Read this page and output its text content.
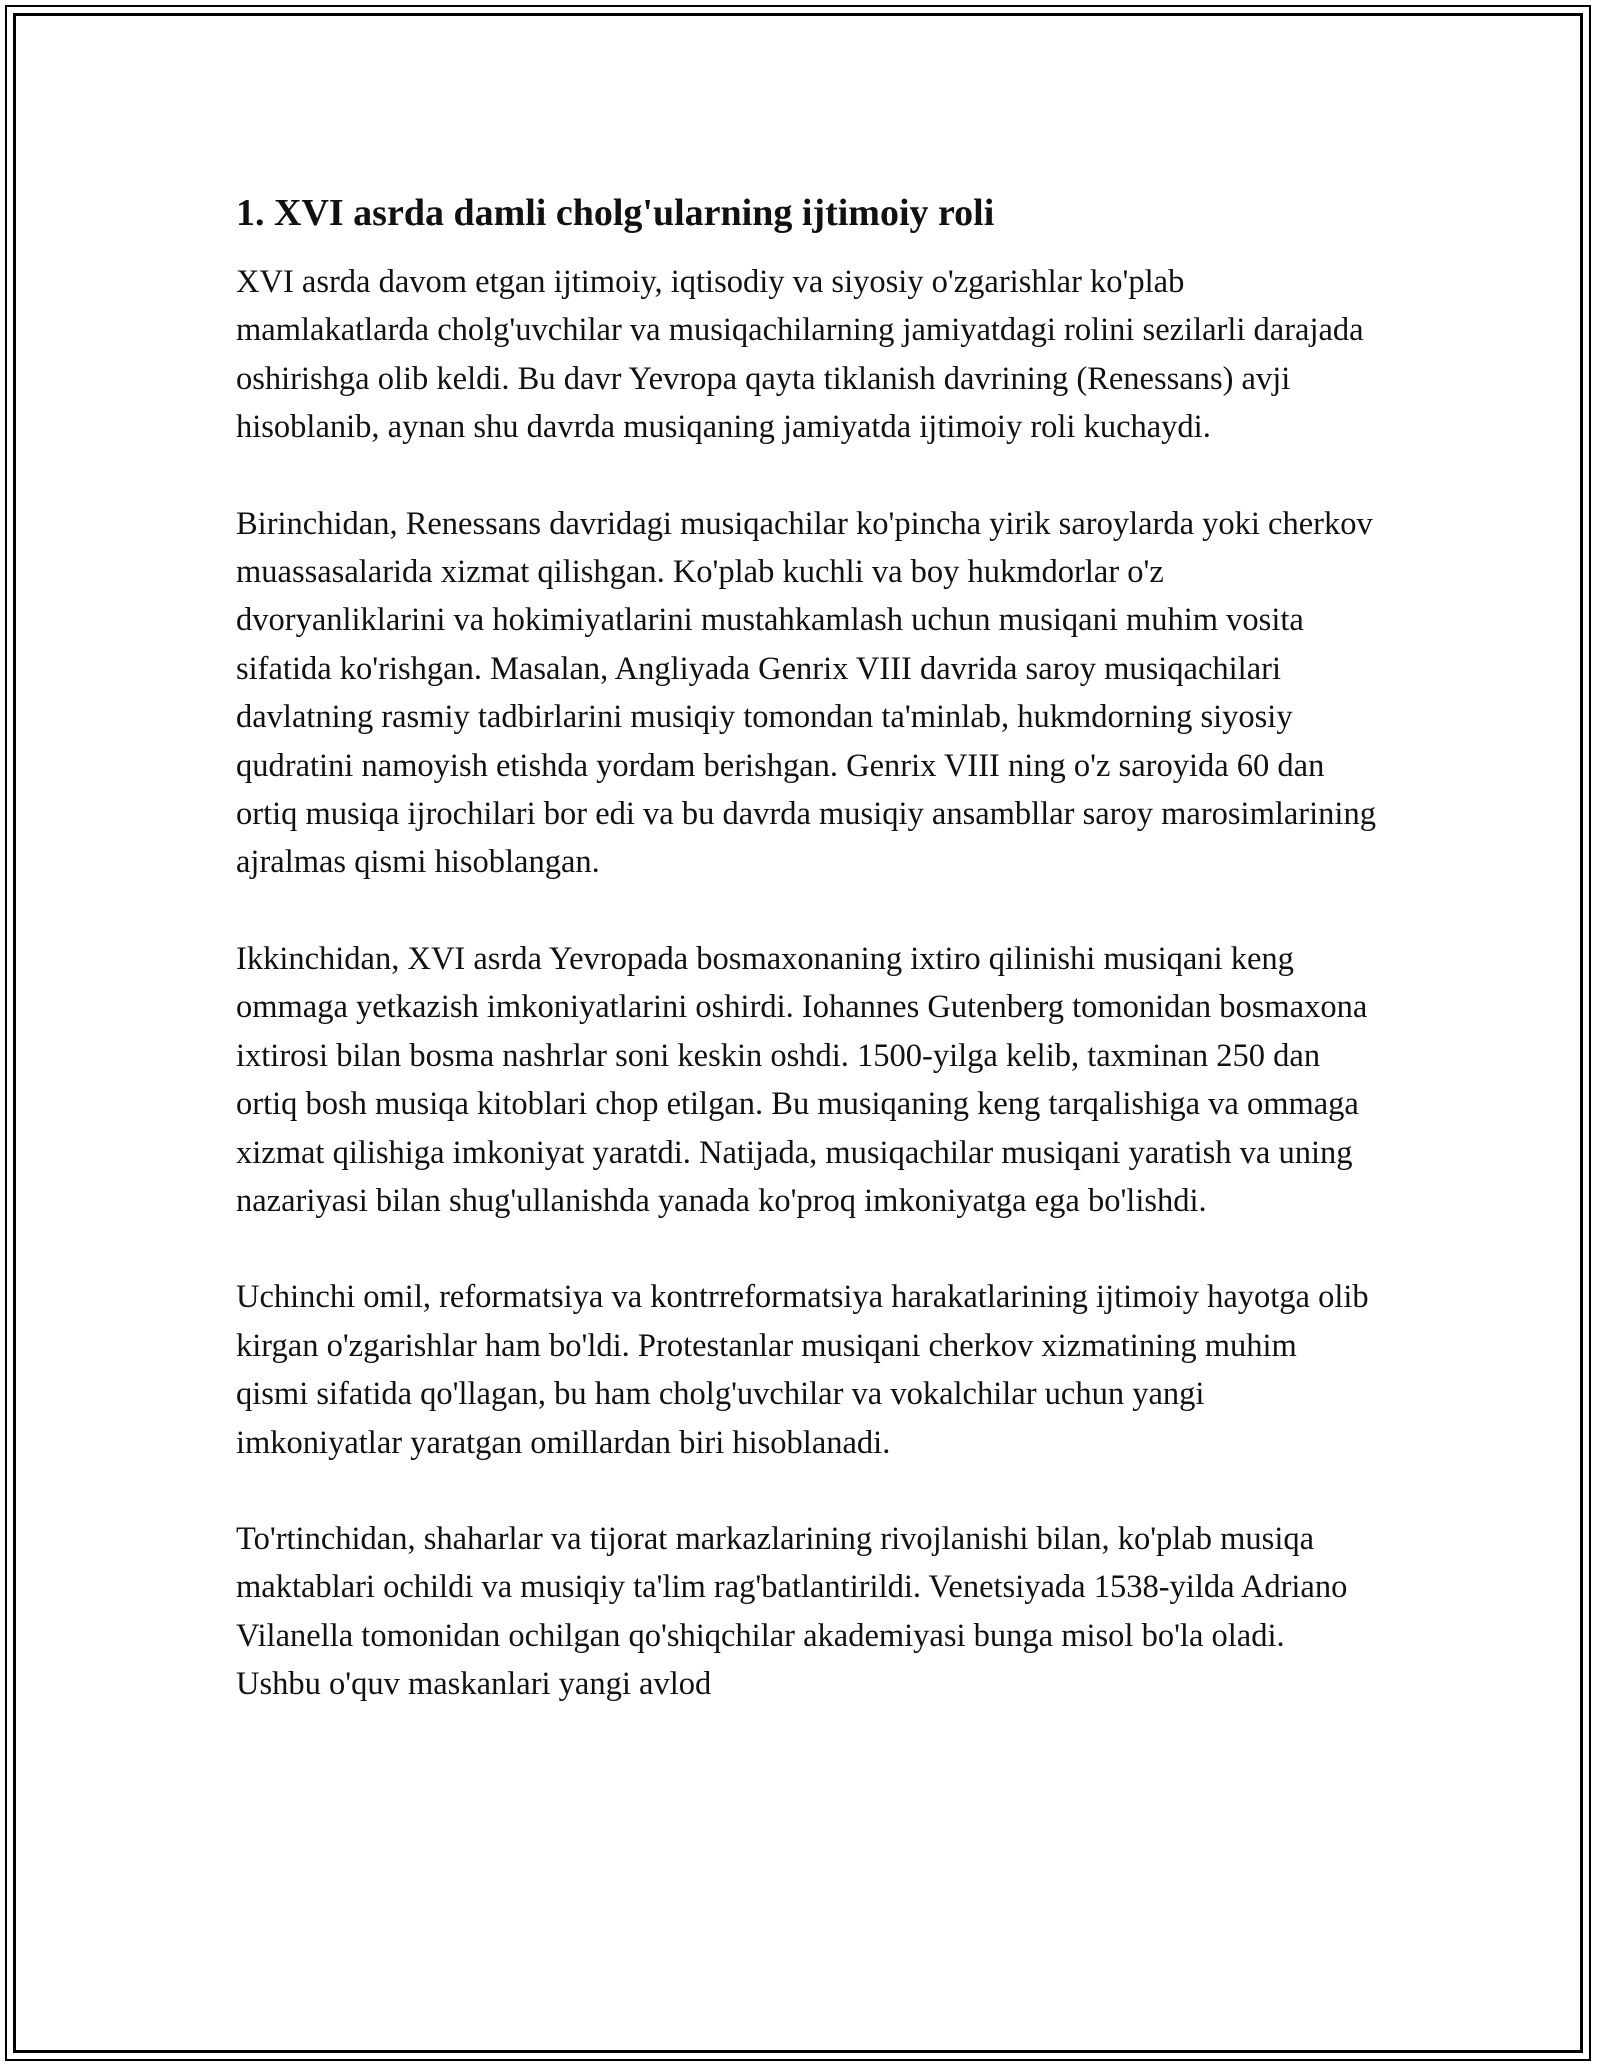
1. XVI asrda damli cholg'ularning ijtimoiy roli

XVI asrda davom etgan ijtimoiy, iqtisodiy va siyosiy o'zgarishlar ko'plab mamlakatlarda cholg'uvchilar va musiqachilarning jamiyatdagi rolini sezilarli darajada oshirishga olib keldi. Bu davr Yevropa qayta tiklanish davrining (Renessans) avji hisoblanib, aynan shu davrda musiqaning jamiyatda ijtimoiy roli kuchaydi.

Birinchidan, Renessans davridagi musiqachilar ko'pincha yirik saroylarda yoki cherkov muassasalarida xizmat qilishgan. Ko'plab kuchli va boy hukmdorlar o'z dvoryanliklarini va hokimiyatlarini mustahkamlash uchun musiqani muhim vosita sifatida ko'rishgan. Masalan, Angliyada Genrix VIII davrida saroy musiqachilari davlatning rasmiy tadbirlarini musiqiy tomondan ta'minlab, hukmdorning siyosiy qudratini namoyish etishda yordam berishgan. Genrix VIII ning o'z saroyida 60 dan ortiq musiqa ijrochilari bor edi va bu davrda musiqiy ansambllar saroy marosimlarining ajralmas qismi hisoblangan.

Ikkinchidan, XVI asrda Yevropada bosmaxonaning ixtiro qilinishi musiqani keng ommaga yetkazish imkoniyatlarini oshirdi. Iohannes Gutenberg tomonidan bosmaxona ixtirosi bilan bosma nashrlar soni keskin oshdi. 1500-yilga kelib, taxminan 250 dan ortiq bosh musiqa kitoblari chop etilgan. Bu musiqaning keng tarqalishiga va ommaga xizmat qilishiga imkoniyat yaratdi. Natijada, musiqachilar musiqani yaratish va uning nazariyasi bilan shug'ullanishda yanada ko'proq imkoniyatga ega bo'lishdi.

Uchinchi omil, reformatsiya va kontrreformatsiya harakatlarining ijtimoiy hayotga olib kirgan o'zgarishlar ham bo'ldi. Protestanlar musiqani cherkov xizmatining muhim qismi sifatida qo'llagan, bu ham cholg'uvchilar va vokalchilar uchun yangi imkoniyatlar yaratgan omillardan biri hisoblanadi.

To'rtinchidan, shaharlar va tijorat markazlarining rivojlanishi bilan, ko'plab musiqa maktablari ochildi va musiqiy ta'lim rag'batlantirildi. Venetsiyada 1538-yilda Adriano Vilanella tomonidan ochilgan qo'shiqchilar akademiyasi bunga misol bo'la oladi. Ushbu o'quv maskanlari yangi avlod
